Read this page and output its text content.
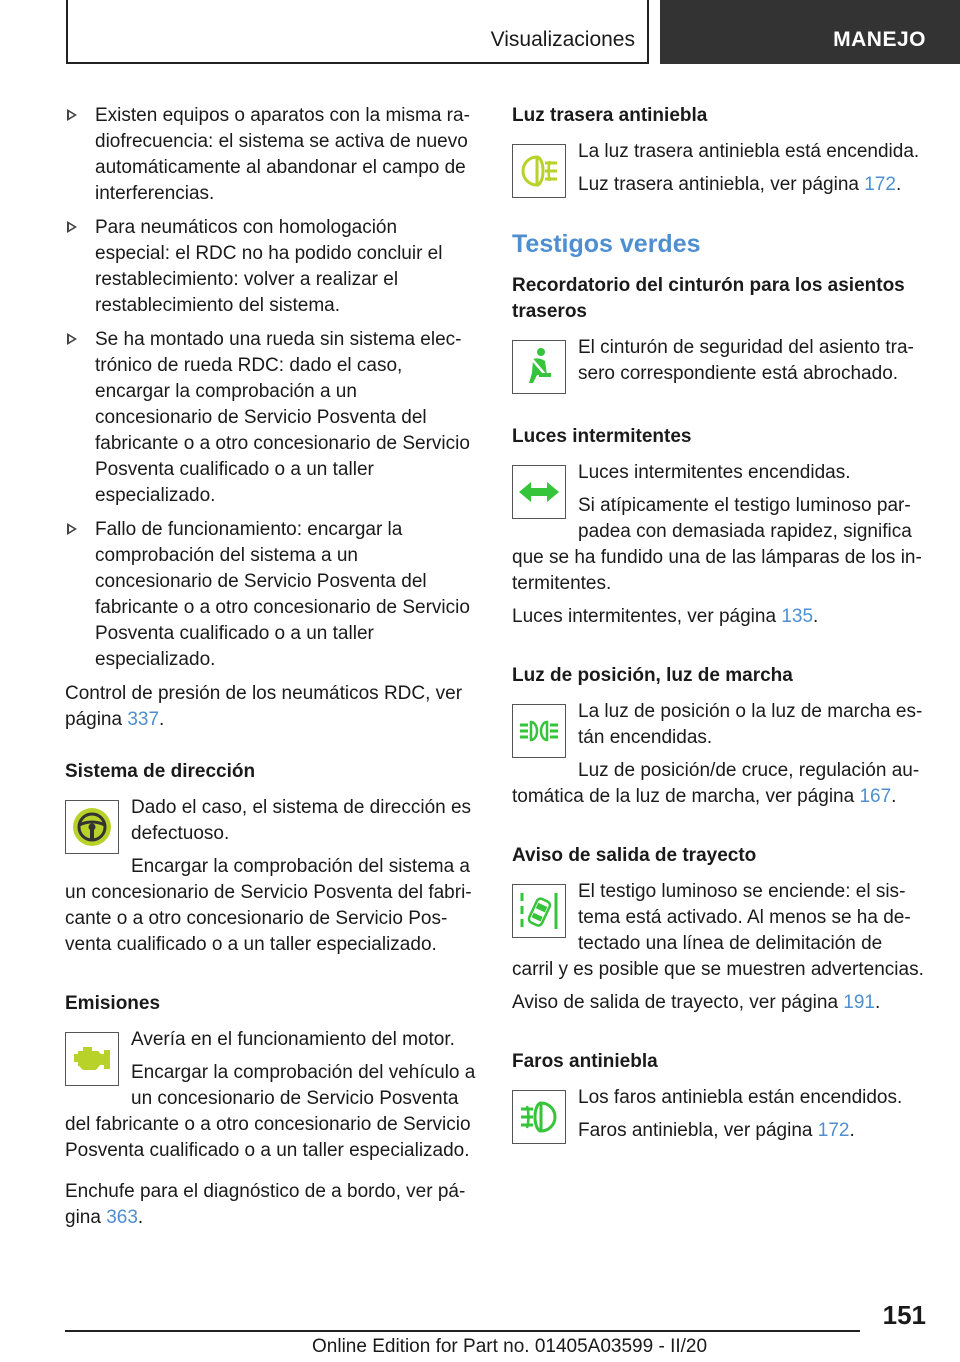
Visualizaciones	MANEJO
Existen equipos o aparatos con la misma radiofrecuencia: el sistema se activa de nuevo automáticamente al abandonar el campo de interferencias.
Para neumáticos con homologación especial: el RDC no ha podido concluir el restablecimiento: volver a realizar el restablecimiento del sistema.
Se ha montado una rueda sin sistema electrónico de rueda RDC: dado el caso, encargar la comprobación a un concesionario de Servicio Posventa del fabricante o a otro concesionario de Servicio Posventa cualificado o a un taller especializado.
Fallo de funcionamiento: encargar la comprobación del sistema a un concesionario de Servicio Posventa del fabricante o a otro concesionario de Servicio Posventa cualificado o a un taller especializado.

Control de presión de los neumáticos RDC, ver página 337.

Sistema de dirección

Dado el caso, el sistema de dirección es defectuoso.

Encargar la comprobación del sistema a un concesionario de Servicio Posventa del fabricante o a otro concesionario de Servicio Posventa cualificado o a un taller especializado.

Emisiones

Avería en el funcionamiento del motor.

Encargar la comprobación del vehículo a un concesionario de Servicio Posventa del fabricante o a otro concesionario de Servicio Posventa cualificado o a un taller especializado.

Enchufe para el diagnóstico de a bordo, ver página 363.

Luz trasera antiniebla

La luz trasera antiniebla está encendida.

Luz trasera antiniebla, ver página 172.

Testigos verdes
Recordatorio del cinturón para los asientos traseros

El cinturón de seguridad del asiento trasero correspondiente está abrochado.

Luces intermitentes

Luces intermitentes encendidas.

Si atípicamente el testigo luminoso parpadea con demasiada rapidez, significa que se ha fundido una de las lámparas de los intermitentes.

Luces intermitentes, ver página 135.

Luz de posición, luz de marcha

La luz de posición o la luz de marcha están encendidas.

Luz de posición/de cruce, regulación automática de la luz de marcha, ver página 167.

Aviso de salida de trayecto

El testigo luminoso se enciende: el sistema está activado. Al menos se ha detectado una línea de delimitación de carril y es posible que se muestren advertencias.

Aviso de salida de trayecto, ver página 191.

Faros antiniebla

Los faros antiniebla están encendidos.

Faros antiniebla, ver página 172.

151
Online Edition for Part no. 01405A03599 - II/20
